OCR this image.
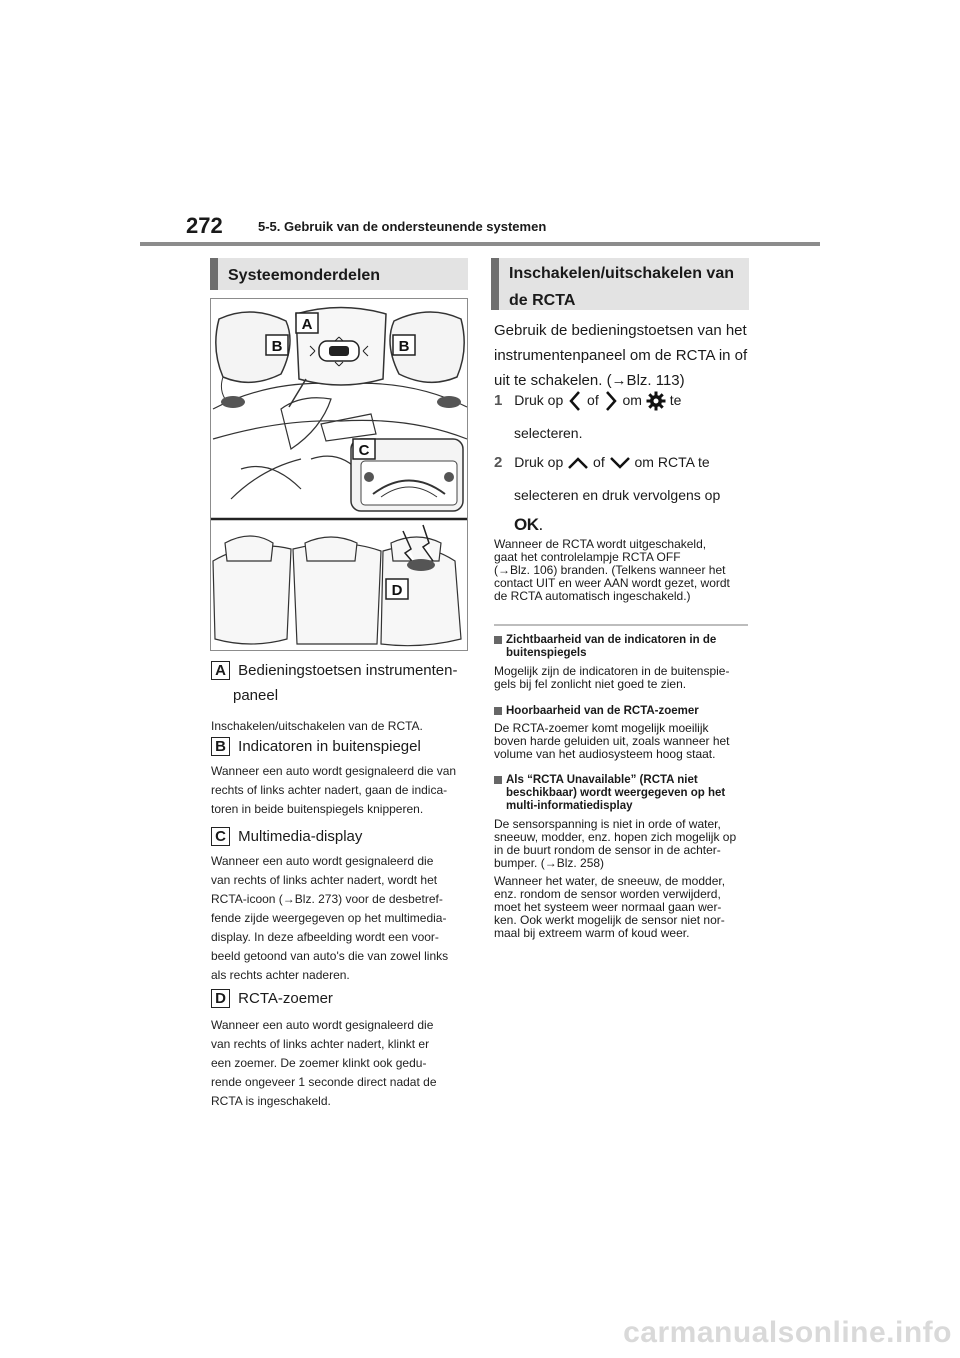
272	5-5. Gebruik van de ondersteunende systemen
Systeemonderdelen
B	B
A
C
D
A Bedieningstoetsen instrumenten-
paneel
Inschakelen/uitschakelen van de RCTA.
B Indicatoren in buitenspiegel
Wanneer een auto wordt gesignaleerd die van
rechts of links achter nadert, gaan de indica-
toren in beide buitenspiegels knipperen.
C Multimedia-display
Wanneer een auto wordt gesignaleerd die
van rechts of links achter nadert, wordt het
RCTA-icoon (→Blz. 273) voor de desbetref-
fende zijde weergegeven op het multimedia-
display. In deze afbeelding wordt een voor-
beeld getoond van auto's die van zowel links
als rechts achter naderen.
D RCTA-zoemer
Wanneer een auto wordt gesignaleerd die
van rechts of links achter nadert, klinkt er
een zoemer. De zoemer klinkt ook gedu-
rende ongeveer 1 seconde direct nadat de
RCTA is ingeschakeld.
Inschakelen/uitschakelen van
de RCTA
Gebruik de bedieningstoetsen van het
instrumentenpaneel om de RCTA in of
uit te schakelen. (→Blz. 113)
1 Druk op of om te
selecteren.
2 Druk op of om RCTA te
selecteren en druk vervolgens op
OK.
Wanneer de RCTA wordt uitgeschakeld,
gaat het controlelampje RCTA OFF
(→Blz. 106) branden. (Telkens wanneer het
contact UIT en weer AAN wordt gezet, wordt
de RCTA automatisch ingeschakeld.)
Zichtbaarheid van de indicatoren in de
buitenspiegels
Mogelijk zijn de indicatoren in de buitenspie-
gels bij fel zonlicht niet goed te zien.
Hoorbaarheid van de RCTA-zoemer
De RCTA-zoemer komt mogelijk moeilijk
boven harde geluiden uit, zoals wanneer het
volume van het audiosysteem hoog staat.
Als “RCTA Unavailable” (RCTA niet
beschikbaar) wordt weergegeven op het
multi-informatiedisplay
De sensorspanning is niet in orde of water,
sneeuw, modder, enz. hopen zich mogelijk op
in de buurt rondom de sensor in de achter-
bumper. (→Blz. 258)
Wanneer het water, de sneeuw, de modder,
enz. rondom de sensor worden verwijderd,
moet het systeem weer normaal gaan wer-
ken. Ook werkt mogelijk de sensor niet nor-
maal bij extreem warm of koud weer.
carmanualsonline.info
